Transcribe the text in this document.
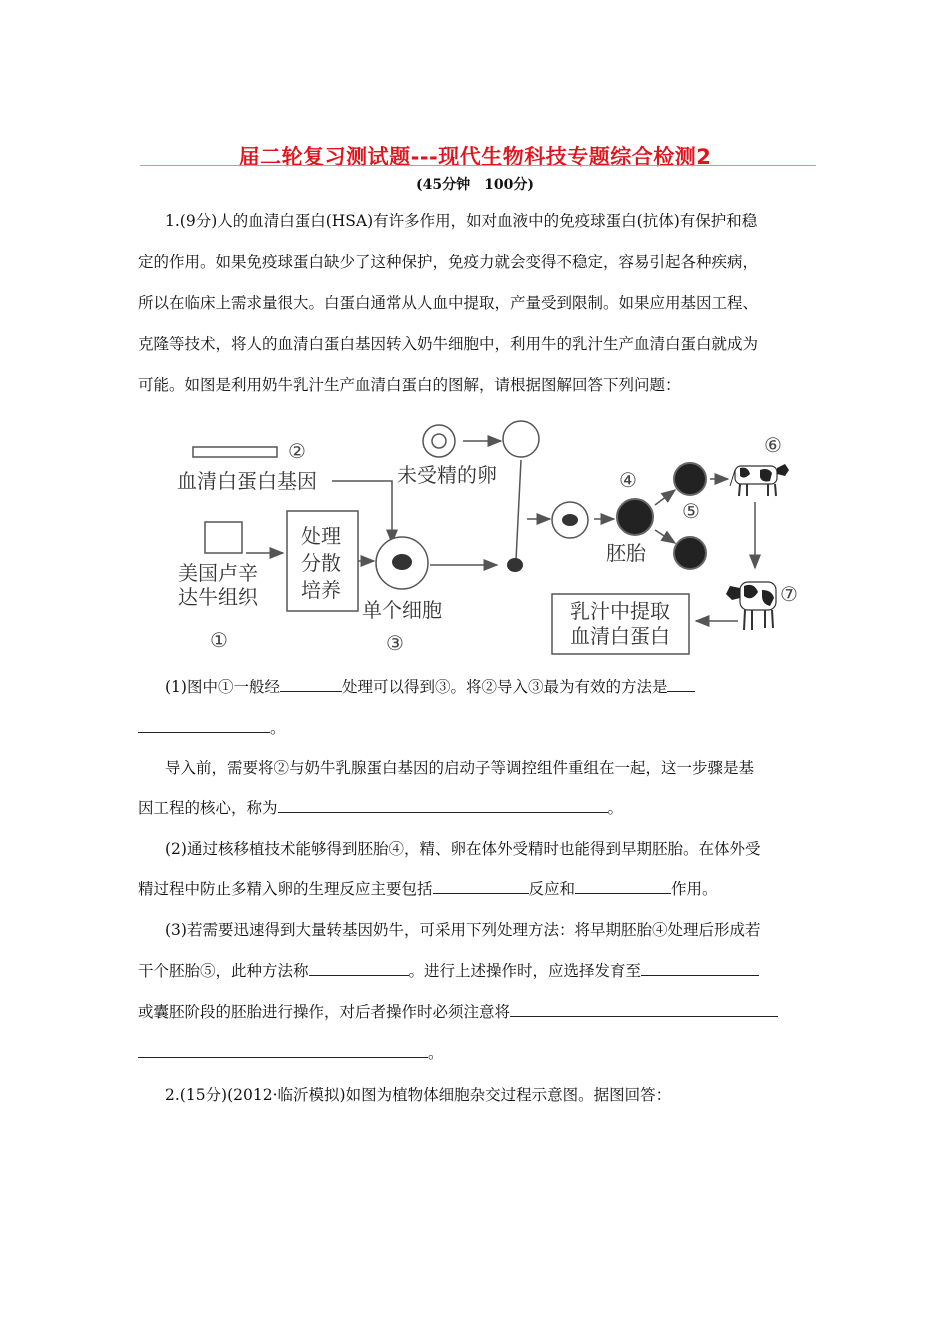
届二轮复习测试题---现代生物科技专题综合检测2
(45分钟　100分)
1.(9分)人的血清白蛋白(HSA)有许多作用，如对血液中的免疫球蛋白(抗体)有保护和稳
定的作用。如果免疫球蛋白缺少了这种保护，免疫力就会变得不稳定，容易引起各种疾病，
所以在临床上需求量很大。白蛋白通常从人血中提取，产量受到限制。如果应用基因工程、
克隆等技术，将人的血清白蛋白基因转入奶牛细胞中，利用牛的乳汁生产血清白蛋白就成为
可能。如图是利用奶牛乳汁生产血清白蛋白的图解，请根据图解回答下列问题：
②
血清白蛋白基因
美国卢辛
达牛组织
①
处理
分散
培养
单个细胞
③
未受精的卵	④
胚胎
⑤
⑥
⑦
乳汁中提取
血清白蛋白
(1)图中①一般经	处理可以得到③。将②导入③最为有效的方法是
。
导入前，需要将②与奶牛乳腺蛋白基因的启动子等调控组件重组在一起，这一步骤是基
因工程的核心，称为	。
(2)通过核移植技术能够得到胚胎④，精、卵在体外受精时也能得到早期胚胎。在体外受
精过程中防止多精入卵的生理反应主要包括	反应和	作用。
(3)若需要迅速得到大量转基因奶牛，可采用下列处理方法：将早期胚胎④处理后形成若
干个胚胎⑤，此种方法称	。进行上述操作时，应选择发育至
或囊胚阶段的胚胎进行操作，对后者操作时必须注意将
。
2.(15分)(2012·临沂模拟)如图为植物体细胞杂交过程示意图。据图回答：
